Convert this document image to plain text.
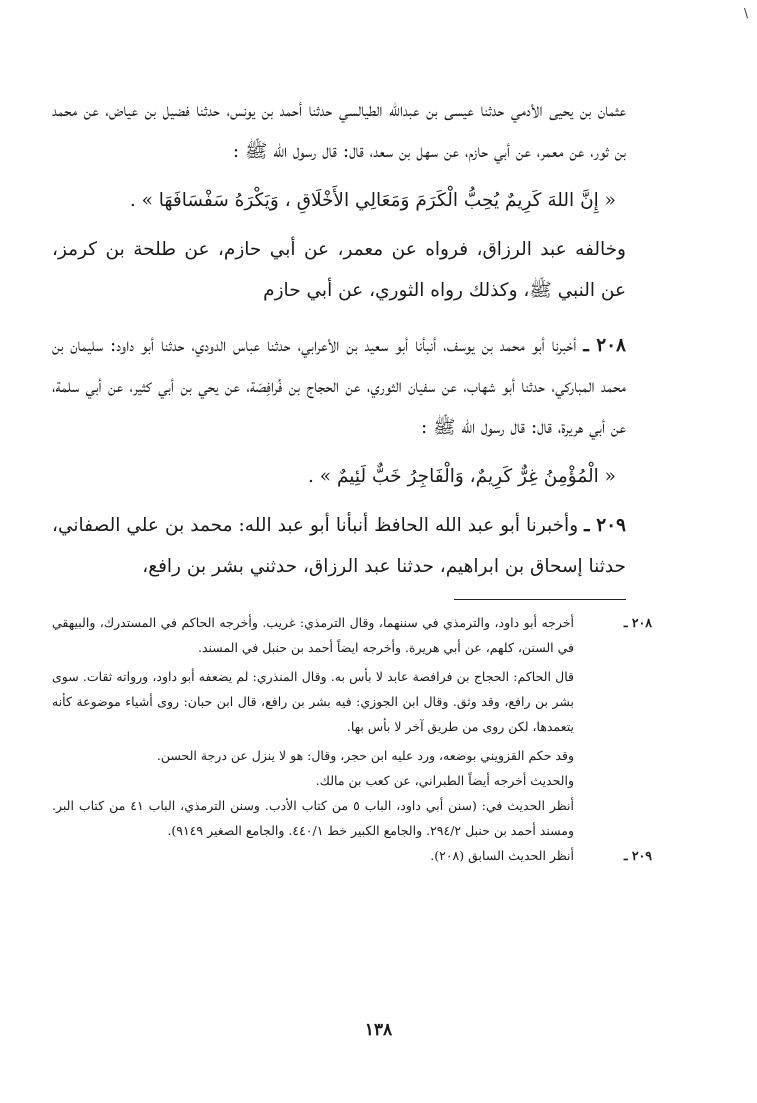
\

عثمان بن يحيى الأدمي حدثنا عيسى بن عبدالله الطيالسي حدثنا أحمد بن يونس، حدثنا فضيل بن عياض، عن محمد بن ثور، عن معمر، عن أبي حازم، عن سهل بن سعد، قال: قال رسول الله ﷺ :

« إِنَّ اللهَ كَرِيمٌ يُحِبُّ الْكَرَمَ وَمَعَالِي الأَخْلَاقِ ، وَيَكْرَهُ سَفْسَافَهَا » .

وخالفه عبد الرزاق، فرواه عن معمر، عن أبي حازم، عن طلحة بن كرمز، عن النبي ﷺ، وكذلك رواه الثوري، عن أبي حازم

٢٠٨ ـ أخبرنا أبو محمد بن يوسف، أنبأنا أبو سعيد بن الأعرابي، حدثنا عباس الدودي، حدثنا أبو داود: سليمان بن محمد المباركي، حدثنا أبو شهاب، عن سفيان الثوري، عن الحجاج بن فُرافِصَة، عن يحي بن أبي كثير، عن أبي سلمة، عن أبي هريرة، قال: قال رسول الله ﷺ :

« الْمُؤْمِنُ غِرٌّ كَرِيمٌ، وَالْفَاجِرُ خَبٌّ لَئِيمٌ » .

٢٠٩ ـ وأخبرنا أبو عبد الله الحافظ أنبأنا أبو عبد الله: محمد بن علي الصفاني، حدثنا إسحاق بن ابراهيم، حدثنا عبد الرزاق، حدثني بشر بن رافع،

٢٠٨ ـ

أخرجه أبو داود، والترمذي في سننهما، وقال الترمذي: غريب. وأخرجه الحاكم في المستدرك، والبيهقي في السنن، كلهم، عن أبي هريرة. وأخرجه ايضاً أحمد بن حنبل في المسند.

قال الحاكم: الحجاج بن فرافصة عابد لا بأس به. وقال المنذري: لم يضعفه أبو داود، ورواته ثقات. سوى بشر بن رافع، وقد وثق. وقال ابن الجوزي: فيه بشر بن رافع، قال ابن حبان: روى أشياء موضوعة كأنه يتعمدها، لكن روى من طريق آخر لا بأس بها.

وقد حكم القزويني بوضعه، ورد عليه ابن حجر، وقال: هو لا ينزل عن درجة الحسن.

والحديث أخرجه أيضاً الطبراني، عن كعب بن مالك.

أنظر الحديث في: (سنن أبي داود، الباب ٥ من كتاب الأدب. وسنن الترمذي، الباب ٤١ من كتاب البر. ومسند أحمد بن حنبل ٢٩٤/٢. والجامع الكبير خط ٤٤٠/١. والجامع الصغير ٩١٤٩).

٢٠٩ ـ

أنظر الحديث السابق (٢٠٨).

١٣٨
